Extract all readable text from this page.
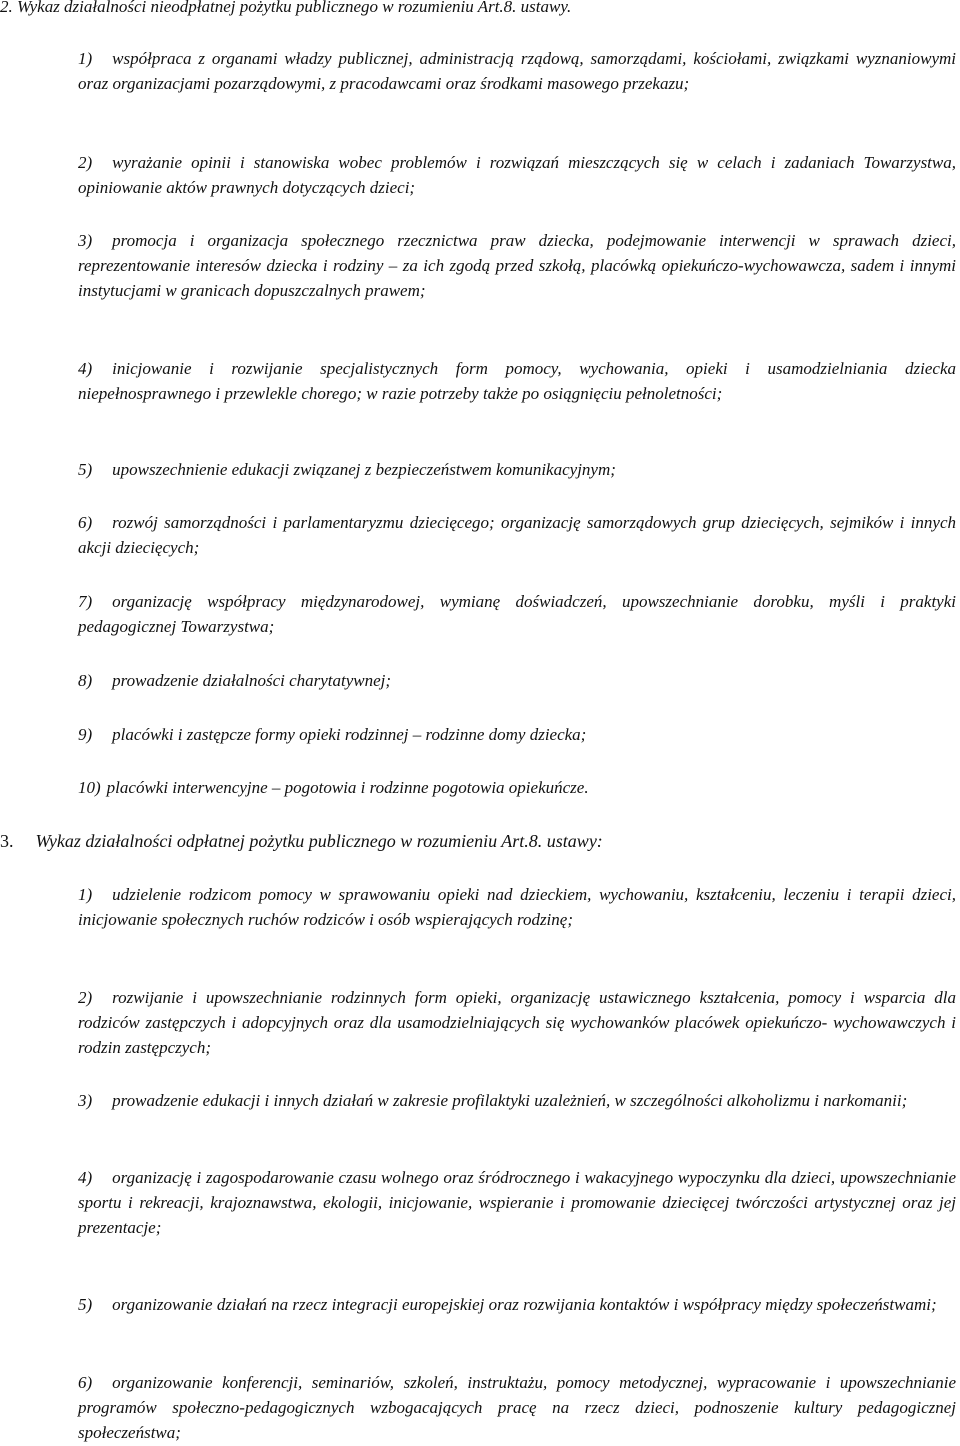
2. Wykaz działalności nieodpłatnej pożytku publicznego w rozumieniu Art.8. ustawy.
1) współpraca z organami władzy publicznej, administracją rządową, samorządami, kościołami, związkami wyznaniowymi oraz organizacjami pozarządowymi, z pracodawcami oraz środkami masowego przekazu;
2) wyrażanie opinii i stanowiska wobec problemów i rozwiązań mieszczących się w celach i zadaniach Towarzystwa, opiniowanie aktów prawnych dotyczących dzieci;
3) promocja i organizacja społecznego rzecznictwa praw dziecka, podejmowanie interwencji w sprawach dzieci, reprezentowanie interesów dziecka i rodziny – za ich zgodą przed szkołą, placówką opiekuńczo-wychowawcza, sadem i innymi instytucjami w granicach dopuszczalnych prawem;
4) inicjowanie i rozwijanie specjalistycznych form pomocy, wychowania, opieki i usamodzielniania dziecka niepełnosprawnego i przewlekle chorego; w razie potrzeby także po osiągnięciu pełnoletności;
5) upowszechnienie edukacji związanej z bezpieczeństwem komunikacyjnym;
6) rozwój samorządności i parlamentaryzmu dziecięcego; organizację samorządowych grup dziecięcych, sejmików i innych akcji dziecięcych;
7) organizację współpracy międzynarodowej, wymianę doświadczeń, upowszechnianie dorobku, myśli i praktyki pedagogicznej Towarzystwa;
8) prowadzenie działalności charytatywnej;
9) placówki i zastępcze formy opieki rodzinnej – rodzinne domy dziecka;
10) placówki interwencyjne – pogotowia i rodzinne pogotowia opiekuńcze.
3. Wykaz działalności odpłatnej pożytku publicznego w rozumieniu Art.8. ustawy:
1) udzielenie rodzicom pomocy w sprawowaniu opieki nad dzieckiem, wychowaniu, kształceniu, leczeniu i terapii dzieci, inicjowanie społecznych ruchów rodziców i osób wspierających rodzinę;
2) rozwijanie i upowszechnianie rodzinnych form opieki, organizację ustawicznego kształcenia, pomocy i wsparcia dla rodziców zastępczych i adopcyjnych oraz dla usamodzielniających się wychowanków placówek opiekuńczo- wychowawczych i rodzin zastępczych;
3) prowadzenie edukacji i innych działań w zakresie profilaktyki uzależnień, w szczególności alkoholizmu i narkomanii;
4) organizację i zagospodarowanie czasu wolnego oraz śródrocznego i wakacyjnego wypoczynku dla dzieci, upowszechnianie sportu i rekreacji, krajoznawstwa, ekologii, inicjowanie, wspieranie i promowanie dziecięcej twórczości artystycznej oraz jej prezentacje;
5) organizowanie działań na rzecz integracji europejskiej oraz rozwijania kontaktów i współpracy między społeczeństwami;
6) organizowanie konferencji, seminariów, szkoleń, instruktażu, pomocy metodycznej, wypracowanie i upowszechnianie programów społeczno-pedagogicznych wzbogacających pracę na rzecz dzieci, podnoszenie kultury pedagogicznej społeczeństwa;
